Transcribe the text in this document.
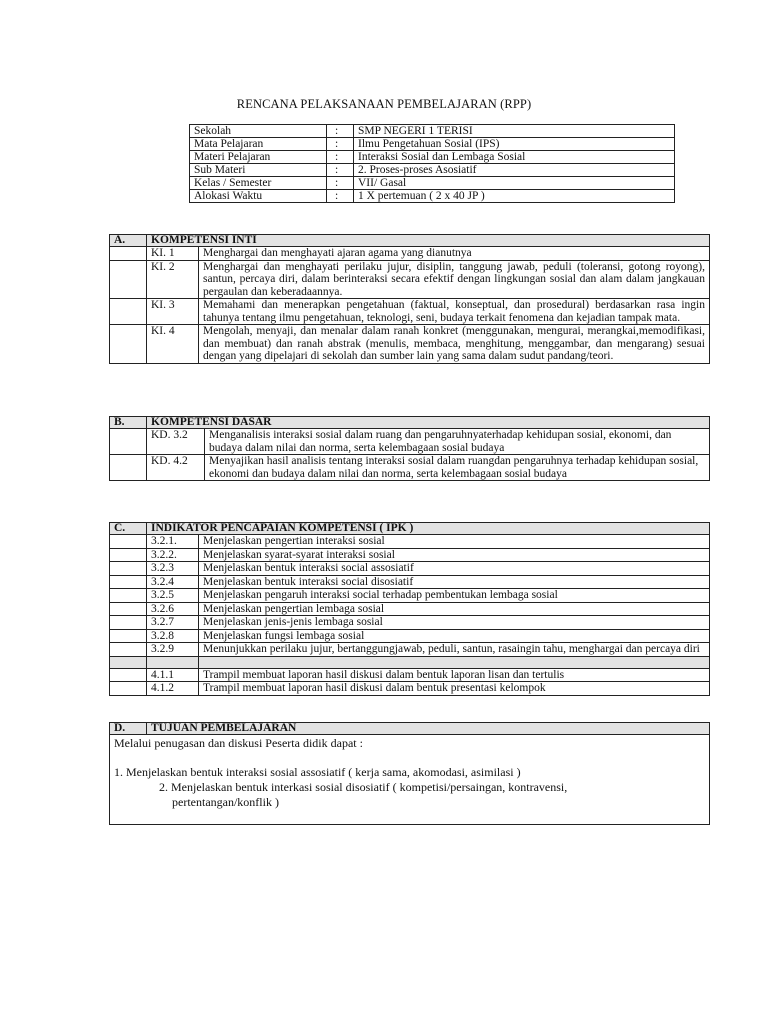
RENCANA PELAKSANAAN PEMBELAJARAN (RPP)
Sekolah	:	SMP NEGERI 1 TERISI
Mata Pelajaran	:	Ilmu Pengetahuan Sosial (IPS)
Materi Pelajaran	:	Interaksi Sosial dan Lembaga Sosial
Sub Materi	:	2. Proses-proses Asosiatif
Kelas / Semester	:	VII/ Gasal
Alokasi Waktu	:	1 X pertemuan ( 2 x 40 JP )
A.	KOMPETENSI INTI	
	KI. 1	Menghargai dan menghayati ajaran agama yang dianutnya
	KI. 2	Menghargai dan menghayati perilaku jujur, disiplin, tanggung jawab, peduli (toleransi, gotong royong), santun, percaya diri, dalam berinteraksi secara efektif dengan lingkungan sosial dan alam dalam jangkauan pergaulan dan keberadaannya.
	KI. 3	Memahami dan menerapkan pengetahuan (faktual, konseptual, dan prosedural) berdasarkan rasa ingin tahunya tentang ilmu pengetahuan, teknologi, seni, budaya terkait fenomena dan kejadian tampak mata.
	KI. 4	Mengolah, menyaji, dan menalar dalam ranah konkret (menggunakan, mengurai, merangkai,memodifikasi, dan membuat) dan ranah abstrak (menulis, membaca, menghitung, menggambar, dan mengarang) sesuai dengan yang dipelajari di sekolah dan sumber lain yang sama dalam sudut pandang/teori.
B.	KOMPETENSI DASAR	
	KD. 3.2	Menganalisis interaksi sosial dalam ruang dan pengaruhnyaterhadap kehidupan sosial, ekonomi, dan budaya dalam nilai dan norma, serta kelembagaan sosial budaya
	KD. 4.2	Menyajikan hasil analisis tentang interaksi sosial dalam ruangdan pengaruhnya terhadap kehidupan sosial, ekonomi dan budaya dalam nilai dan norma, serta kelembagaan sosial budaya
C.	INDIKATOR PENCAPAIAN KOMPETENSI ( IPK )	
	3.2.1.	Menjelaskan pengertian interaksi sosial
	3.2.2.	Menjelaskan syarat-syarat interaksi sosial
	3.2.3	Menjelaskan bentuk interaksi social assosiatif
	3.2.4	Menjelaskan bentuk interaksi social disosiatif
	3.2.5	Menjelaskan pengaruh interaksi social terhadap pembentukan lembaga sosial
	3.2.6	Menjelaskan pengertian lembaga sosial
	3.2.7	Menjelaskan jenis-jenis lembaga sosial
	3.2.8	Menjelaskan fungsi lembaga sosial
	3.2.9	Menunjukkan perilaku jujur, bertanggungjawab, peduli, santun, rasaingin tahu, menghargai dan percaya diri

	4.1.1	Trampil membuat laporan hasil diskusi dalam bentuk laporan lisan dan tertulis
	4.1.2	Trampil membuat laporan hasil diskusi dalam bentuk presentasi kelompok
D.	TUJUAN PEMBELAJARAN

Melalui penugasan dan diskusi Peserta didik dapat :

1. Menjelaskan bentuk interaksi sosial assosiatif ( kerja sama, akomodasi, asimilasi )

2. Menjelaskan bentuk interkasi sosial disosiatif ( kompetisi/persaingan, kontravensi,

pertentangan/konflik )
